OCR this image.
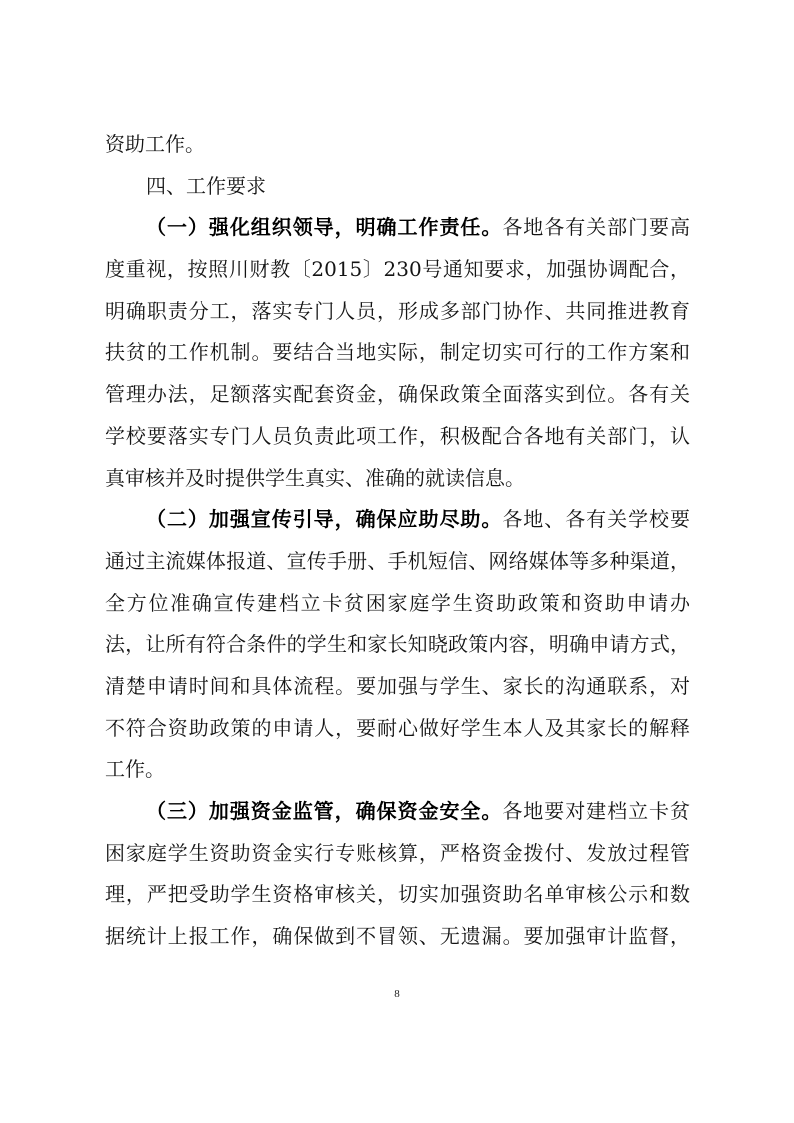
资助工作。
四、工作要求
（一）强化组织领导，明确工作责任。各地各有关部门要高
度重视，按照川财教〔2015〕230号通知要求，加强协调配合，
明确职责分工，落实专门人员，形成多部门协作、共同推进教育
扶贫的工作机制。要结合当地实际，制定切实可行的工作方案和
管理办法，足额落实配套资金，确保政策全面落实到位。各有关
学校要落实专门人员负责此项工作，积极配合各地有关部门，认
真审核并及时提供学生真实、准确的就读信息。
（二）加强宣传引导，确保应助尽助。各地、各有关学校要
通过主流媒体报道、宣传手册、手机短信、网络媒体等多种渠道，
全方位准确宣传建档立卡贫困家庭学生资助政策和资助申请办
法，让所有符合条件的学生和家长知晓政策内容，明确申请方式，
清楚申请时间和具体流程。要加强与学生、家长的沟通联系，对
不符合资助政策的申请人，要耐心做好学生本人及其家长的解释
工作。
（三）加强资金监管，确保资金安全。各地要对建档立卡贫
困家庭学生资助资金实行专账核算，严格资金拨付、发放过程管
理，严把受助学生资格审核关，切实加强资助名单审核公示和数
据统计上报工作，确保做到不冒领、无遗漏。要加强审计监督，
8
